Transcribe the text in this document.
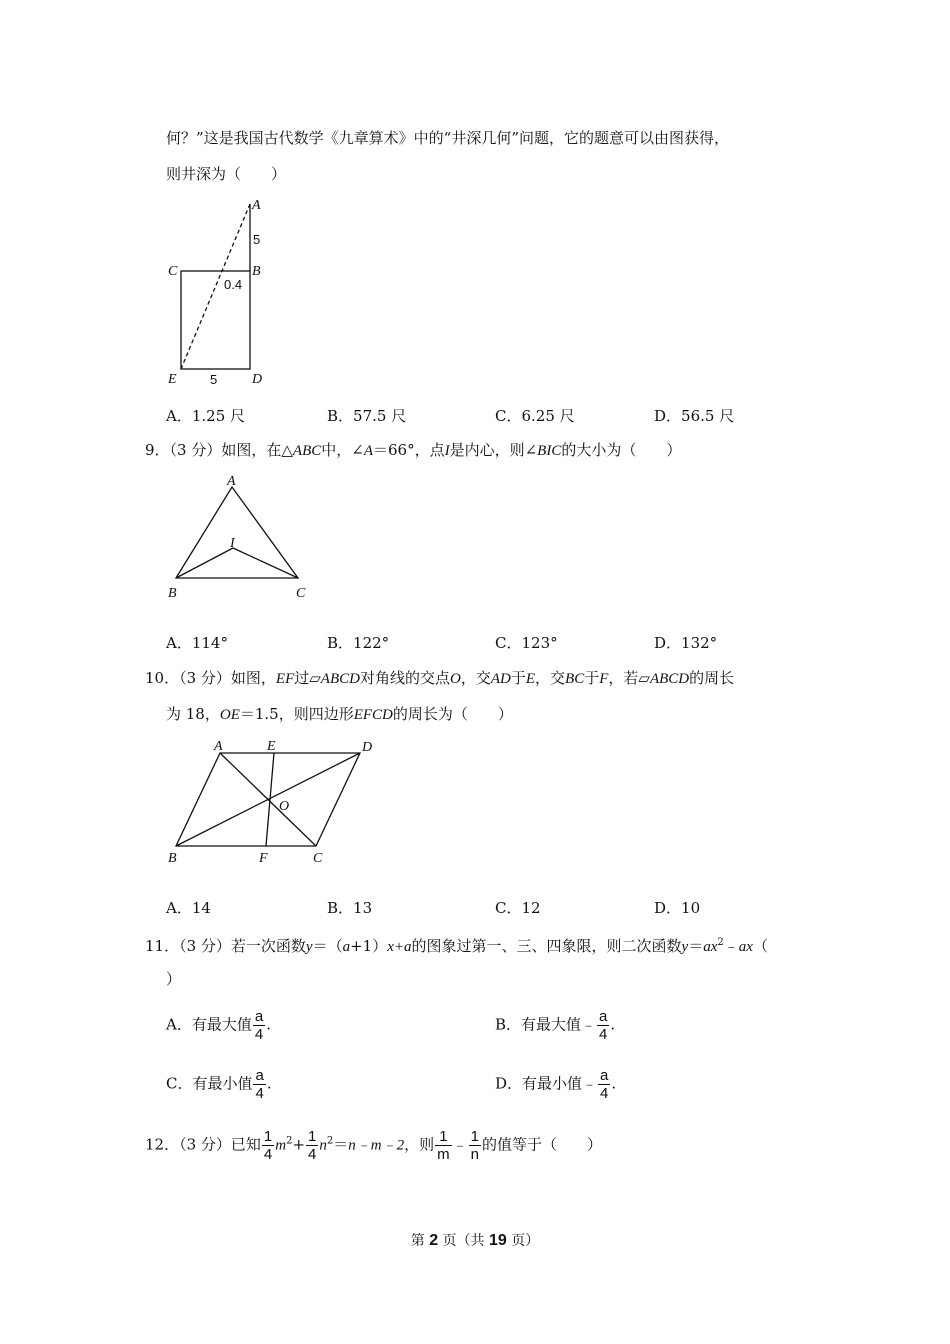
何？”这是我国古代数学《九章算术》中的“井深几何”问题，它的题意可以由图获得，
则井深为（　　）
A
B
C
D
E
5
0.4
5
A．1.25 尺	B．57.5 尺	C．6.25 尺	D．56.5 尺
9．（3 分）如图，在△ABC中，∠A＝66°，点I是内心，则∠BIC的大小为（　　）
A
I
B	C
A．114°	B．122°	C．123°	D．132°
10．（3 分）如图，EF过▱ABCD对角线的交点O，交AD于E，交BC于F，若▱ABCD的周长
为 18，OE＝1.5，则四边形EFCD的周长为（　　）
A	E	D
O
B	F	C
A．14	B．13	C．12	D．10
11．（3 分）若一次函数y＝（a+1）x+a的图象过第一、三、四象限，则二次函数$y=ax^2﹣ax$（
）
A．有最大值 $\frac{a}{4}$ .	B．有最大值﹣ $\frac{a}{4}$ .
C．有最小值 $\frac{a}{4}$ .	D．有最小值﹣ $\frac{a}{4}$ .
12．（3 分）已知 $\frac{1}{4} m^2+ \frac{1}{4}$ $n^2=n﹣m﹣2$，则 $\frac{1}{m}$ ﹣ $\frac{1}{n}$ 的值等于（　　）
第 2 页（共 19 页）
